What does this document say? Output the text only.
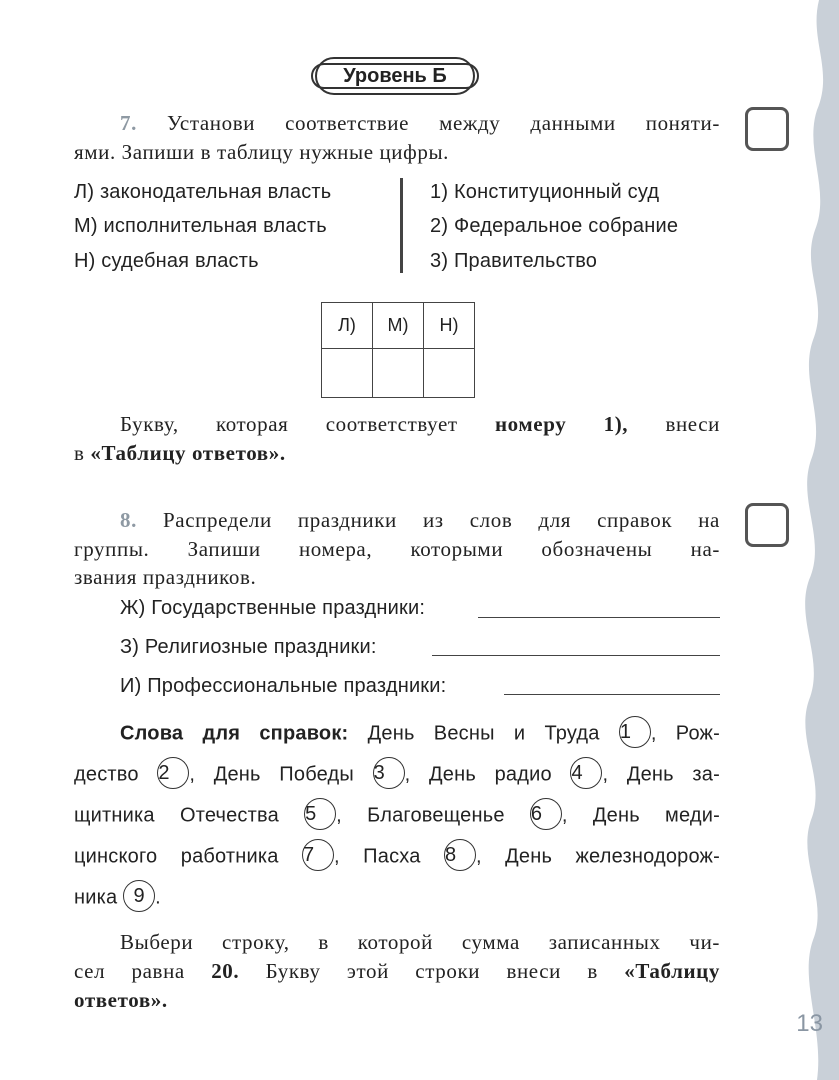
Уровень Б
7. Установи соответствие между данными поняти-
ями. Запиши в таблицу нужные цифры.
Л) законодательная власть
М) исполнительная власть
Н) судебная власть
1) Конституционный суд
2) Федеральное собрание
3) Правительство
Л)	М)	Н)

Букву, которая соответствует номеру 1), внеси
в «Таблицу ответов».
8. Распредели праздники из слов для справок на
группы. Запиши номера, которыми обозначены на-
звания праздников.
Ж) Государственные праздники:
З) Религиозные праздники:
И) Профессиональные праздники:
Слова для справок: День Весны и Труда 1 , Рож-
дество 2 , День Победы 3 , День радио 4 , День за-
щитника Отечества 5 , Благовещенье 6 , День меди-
цинского работника 7 , Пасха 8 , День железнодорож-
ника 9 .
Выбери строку, в которой сумма записанных чи-
сел равна 20. Букву этой строки внеси в «Таблицу
ответов».
13
